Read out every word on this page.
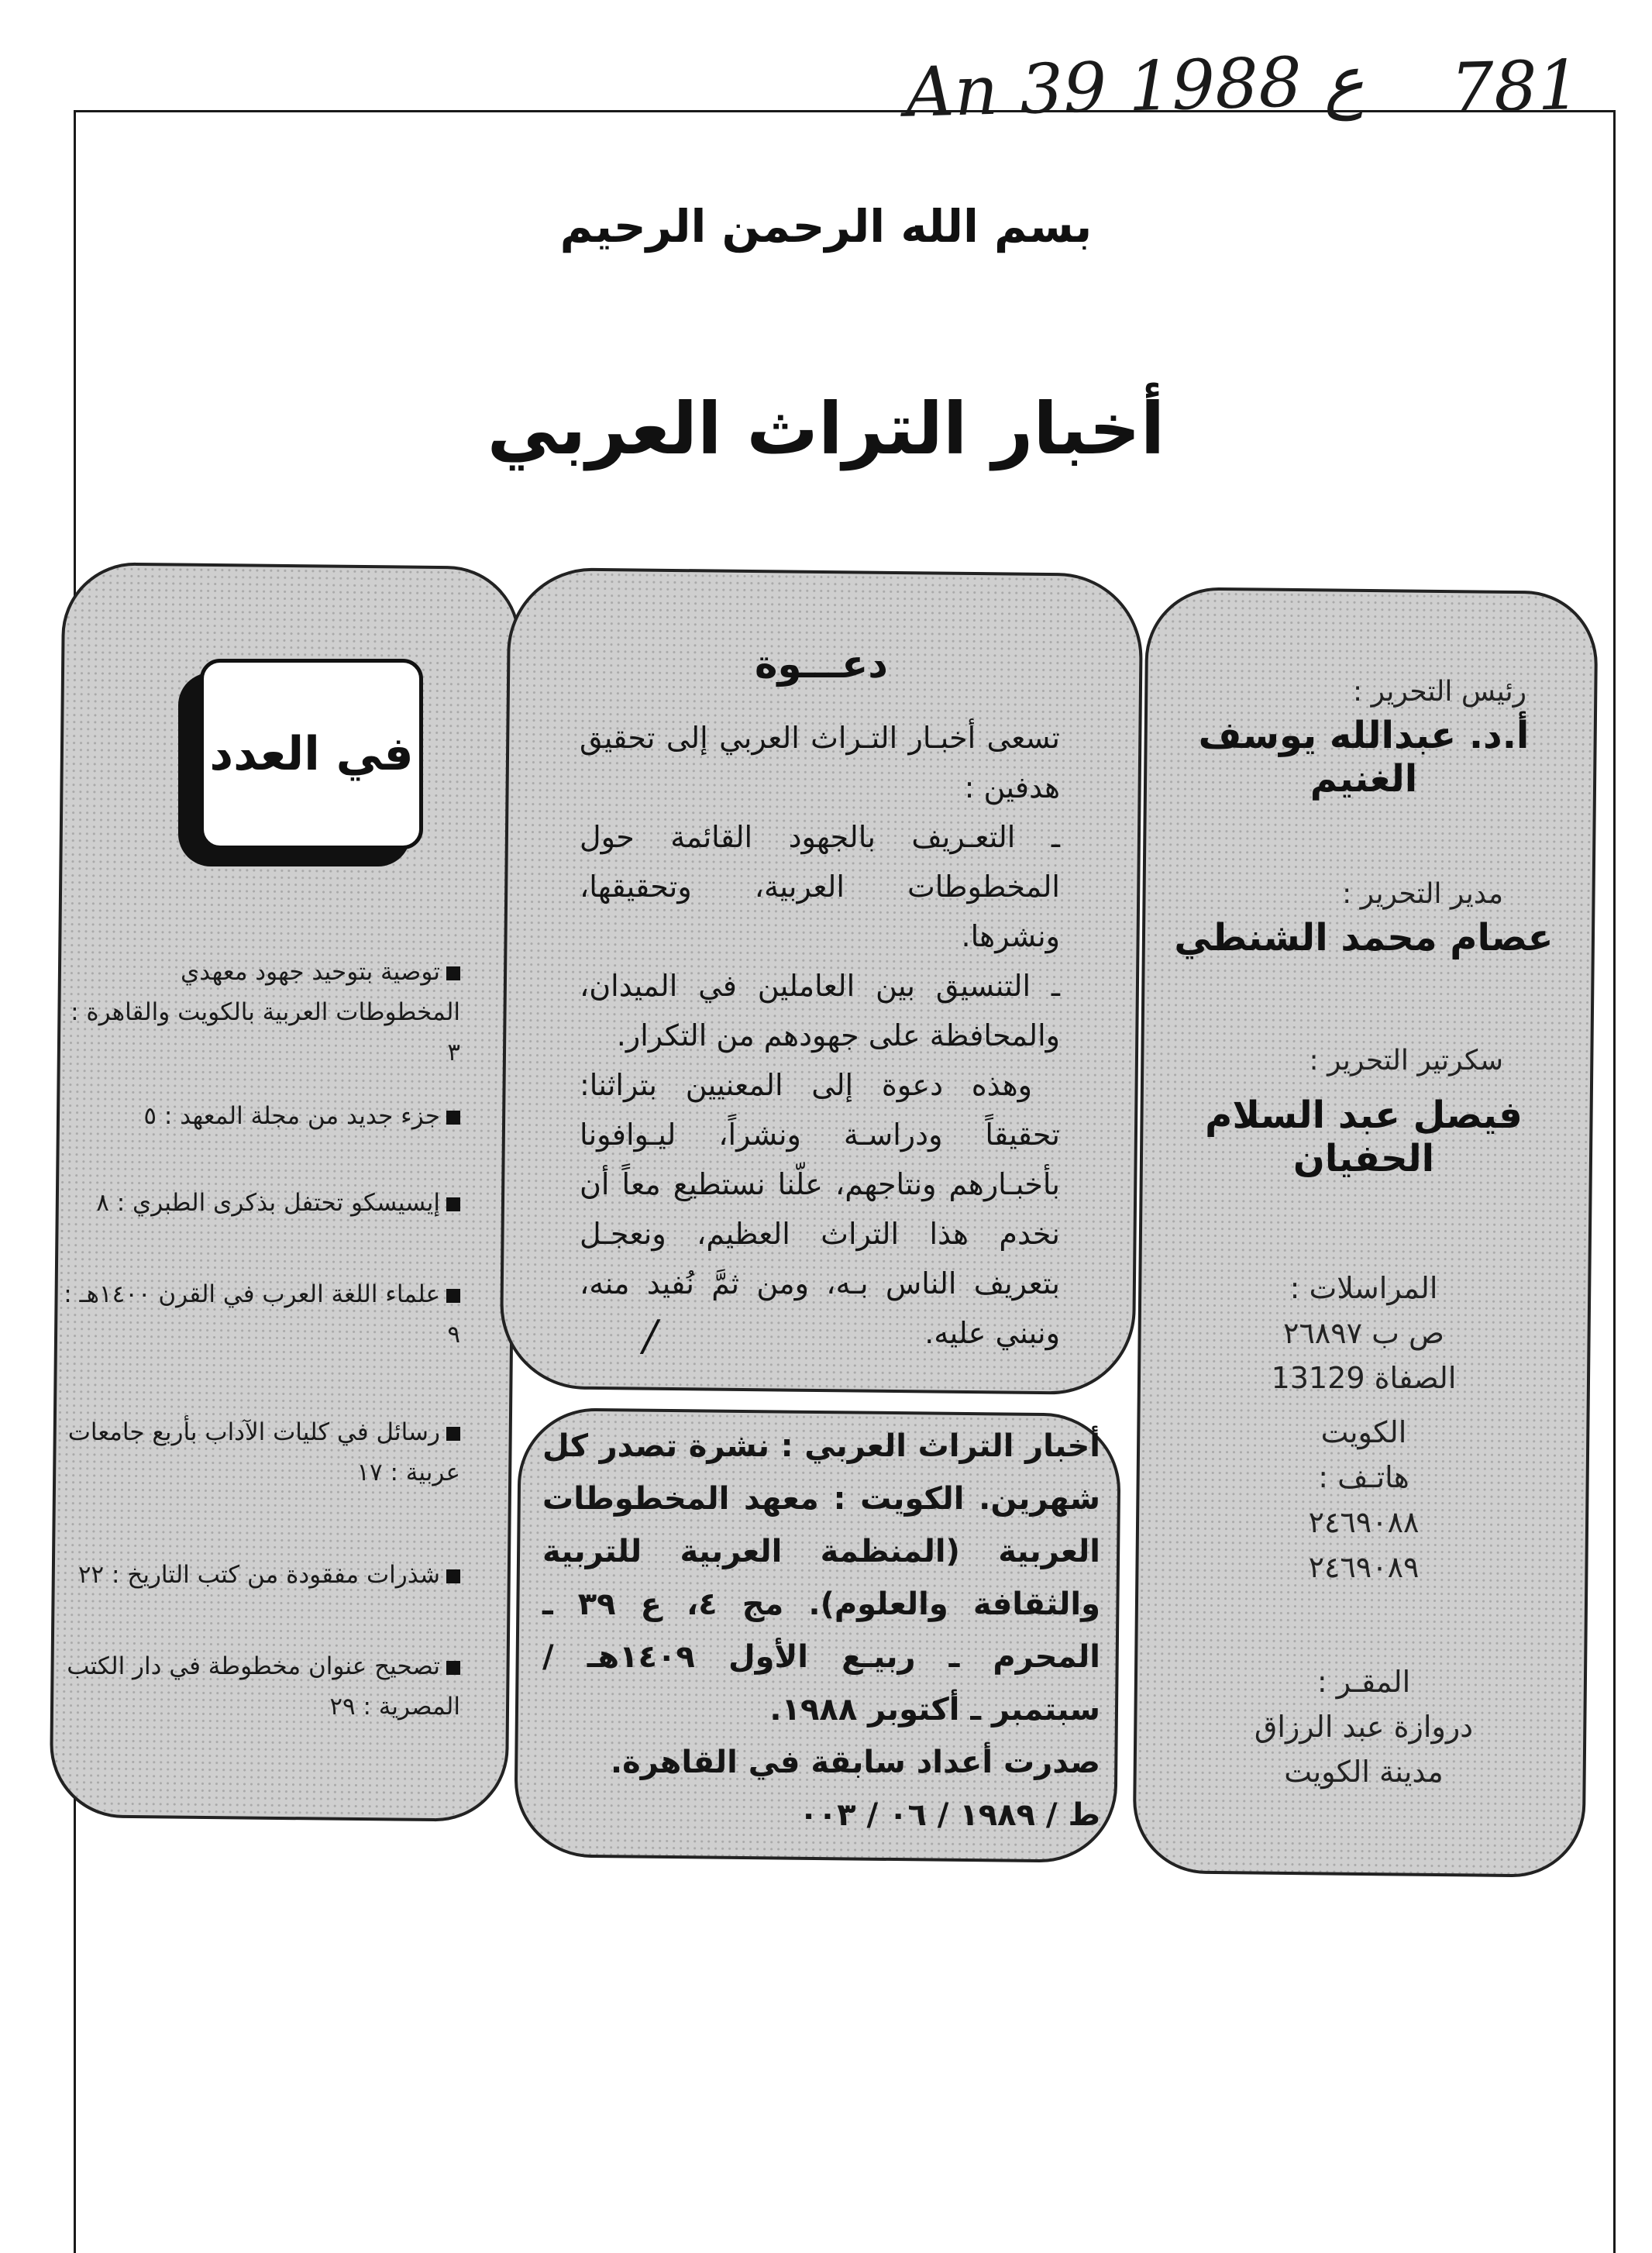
An 39 ع 1988 781
بسم الله الرحمن الرحيم
أخبار التراث العربي
في العدد
توصية بتوحيد جهود معهدي المخطوطات العربية بالكويت والقاهرة : ٣
جزء جديد من مجلة المعهد : ٥
إيسيسكو تحتفل بذكرى الطبري : ٨
علماء اللغة العرب في القرن ١٤٠٠هـ : ٩
رسائل في كليات الآداب بأربع جامعات عربية : ١٧
شذرات مفقودة من كتب التاريخ : ٢٢
تصحيح عنوان مخطوطة في دار الكتب المصرية : ٢٩
دعـــوة

تسعى أخبـار التـراث العربي إلى تحقيق هدفين :

ـ التعـريف بالجهود القائمة حول المخطوطات العربية، وتحقيقها، ونشرها.

ـ التنسيق بين العاملين في الميدان، والمحافظة على جهودهم من التكرار.

وهذه دعوة إلى المعنيين بتراثنا: تحقيقاً ودراسـة ونشراً، ليـوافونا بأخبـارهم ونتاجهم، علّنا نستطيع معاً أن نخدم هذا التراث العظيم، ونعجـل بتعريف الناس بـه، ومن ثمَّ نُفيد منه، ونبني عليه.

/

أخبار التراث العربي : نشرة تصدر كل شهرين. الكويت : معهد المخطوطات العربية (المنظمة العربية للتربية والثقافة والعلوم). مج ٤، ع ٣٩ ـ المحرم ـ ربيـع الأول ١٤٠٩هـ / سبتمبر ـ أكتوبر ١٩٨٨.

صدرت أعداد سابقة في القاهرة.

ط / ١٩٨٩ / ٠٦ / ٠٠٣

رئيس التحرير :
أ.د. عبدالله يوسف الغنيم
مدير التحرير :
عصام محمد الشنطي
سكرتير التحرير :
فيصل عبد السلام الحفيان
المراسلات :
ص ب ٢٦٨٩٧
الصفاة 13129
الكويت
هاتـف :
٢٤٦٩٠٨٨
٢٤٦٩٠٨٩
المقـر :
دروازة عبد الرزاق
مدينة الكويت
